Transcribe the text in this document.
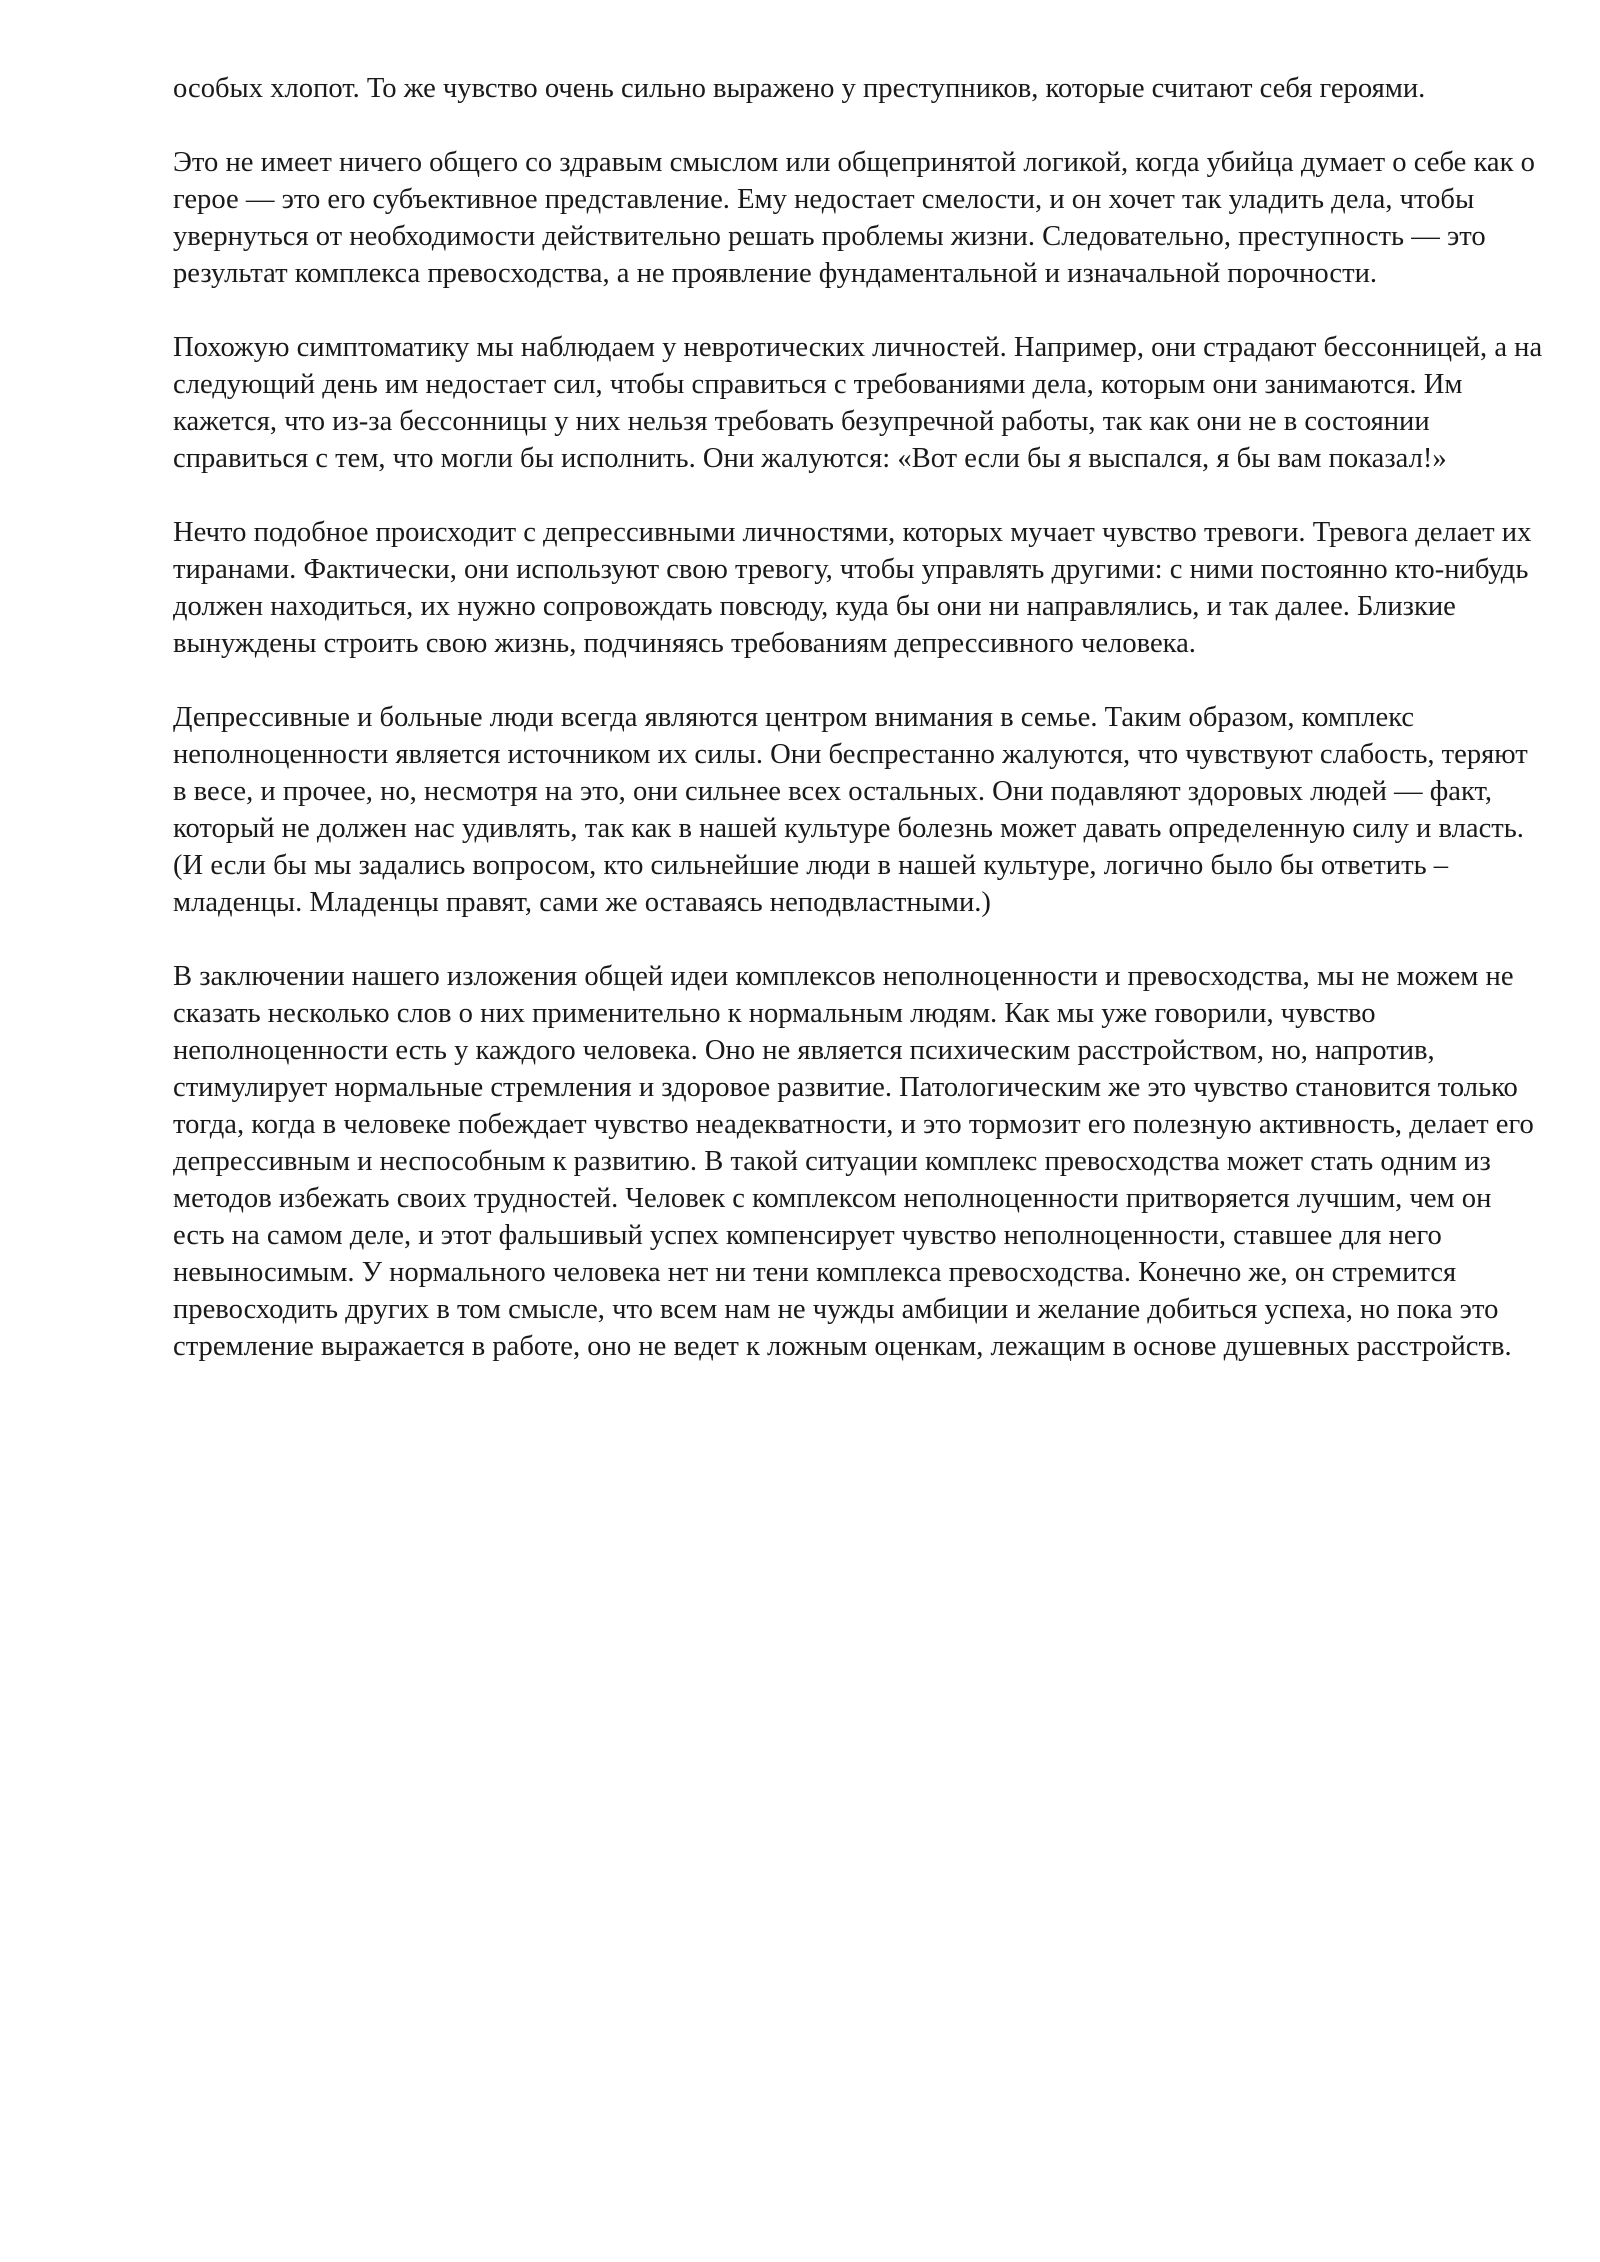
особых хлопот. То же чувство очень сильно выражено у преступников, которые считают себя героями.

Это не имеет ничего общего со здравым смыслом или общепринятой логикой, когда убийца думает о себе как о герое — это его субъективное представление. Ему недостает смелости, и он хочет так уладить дела, чтобы увернуться от необходимости действительно решать проблемы жизни. Следовательно, преступность — это результат комплекса превосходства, а не проявление фундаментальной и изначальной порочности.

Похожую симптоматику мы наблюдаем у невротических личностей. Например, они страдают бессонницей, а на следующий день им недостает сил, чтобы справиться с требованиями дела, которым они занимаются. Им кажется, что из-за бессонницы у них нельзя требовать безупречной работы, так как они не в состоянии справиться с тем, что могли бы исполнить. Они жалуются: «Вот если бы я выспался, я бы вам показал!»

Нечто подобное происходит с депрессивными личностями, которых мучает чувство тревоги. Тревога делает их тиранами. Фактически, они используют свою тревогу, чтобы управлять другими: с ними постоянно кто-нибудь должен находиться, их нужно сопровождать повсюду, куда бы они ни направлялись, и так далее. Близкие вынуждены строить свою жизнь, подчиняясь требованиям депрессивного человека.

Депрессивные и больные люди всегда являются центром внимания в семье. Таким образом, комплекс неполноценности является источником их силы. Они беспрестанно жалуются, что чувствуют слабость, теряют в весе, и прочее, но, несмотря на это, они сильнее всех остальных. Они подавляют здоровых людей — факт, который не должен нас удивлять, так как в нашей культуре болезнь может давать определенную силу и власть.(И если бы мы задались вопросом, кто сильнейшие люди в нашей культуре, логично было бы ответить – младенцы. Младенцы правят, сами же оставаясь неподвластными.)

В заключении нашего изложения общей идеи комплексов неполноценности и превосходства, мы не можем не сказать несколько слов о них применительно к нормальным людям. Как мы уже говорили, чувство неполноценности есть у каждого человека. Оно не является психическим расстройством, но, напротив, стимулирует нормальные стремления и здоровое развитие. Патологическим же это чувство становится только тогда, когда в человеке побеждает чувство неадекватности, и это тормозит его полезную активность, делает его депрессивным и неспособным к развитию. В такой ситуации комплекс превосходства может стать одним из методов избежать своих трудностей. Человек с комплексом неполноценности притворяется лучшим, чем он есть на самом деле, и этот фальшивый успех компенсирует чувство неполноценности, ставшее для него невыносимым. У нормального человека нет ни тени комплекса превосходства. Конечно же, он стремится превосходить других в том смысле, что всем нам не чужды амбиции и желание добиться успеха, но пока это стремление выражается в работе, оно не ведет к ложным оценкам, лежащим в основе душевных расстройств.
